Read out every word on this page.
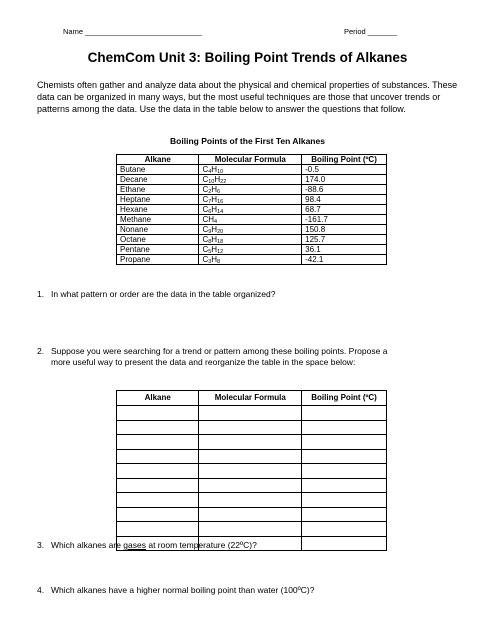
Name ____________________________	Period _______
ChemCom Unit 3: Boiling Point Trends of Alkanes
Chemists often gather and analyze data about the physical and chemical properties of substances. These data can be organized in many ways, but the most useful techniques are those that uncover trends or patterns among the data. Use the data in the table below to answer the questions that follow.
Boiling Points of the First Ten Alkanes
Alkane	Molecular Formula	Boiling Point (ºC)
Butane	$C_4H_{10}$	-0.5
Decane	$C_{10}H_{22}$	174.0
Ethane	$C_2H_6$	-88.6
Heptane	$C_7H_{16}$	98.4
Hexane	$C_6H_{14}$	68.7
Methane	$CH_4$	-161.7
Nonane	$C_9H_{20}$	150.8
Octane	$C_8H_{18}$	125.7
Pentane	$C_5H_{12}$	36.1
Propane	$C_3H_8$	-42.1
1. In what pattern or order are the data in the table organized?
2. Suppose you were searching for a trend or pattern among these boiling points. Propose a
more useful way to present the data and reorganize the table in the space below:
Alkane	Molecular Formula	Boiling Point (ºC)

3. Which alkanes are gases at room temperature (22ºC)?
4. Which alkanes have a higher normal boiling point than water (100ºC)?
